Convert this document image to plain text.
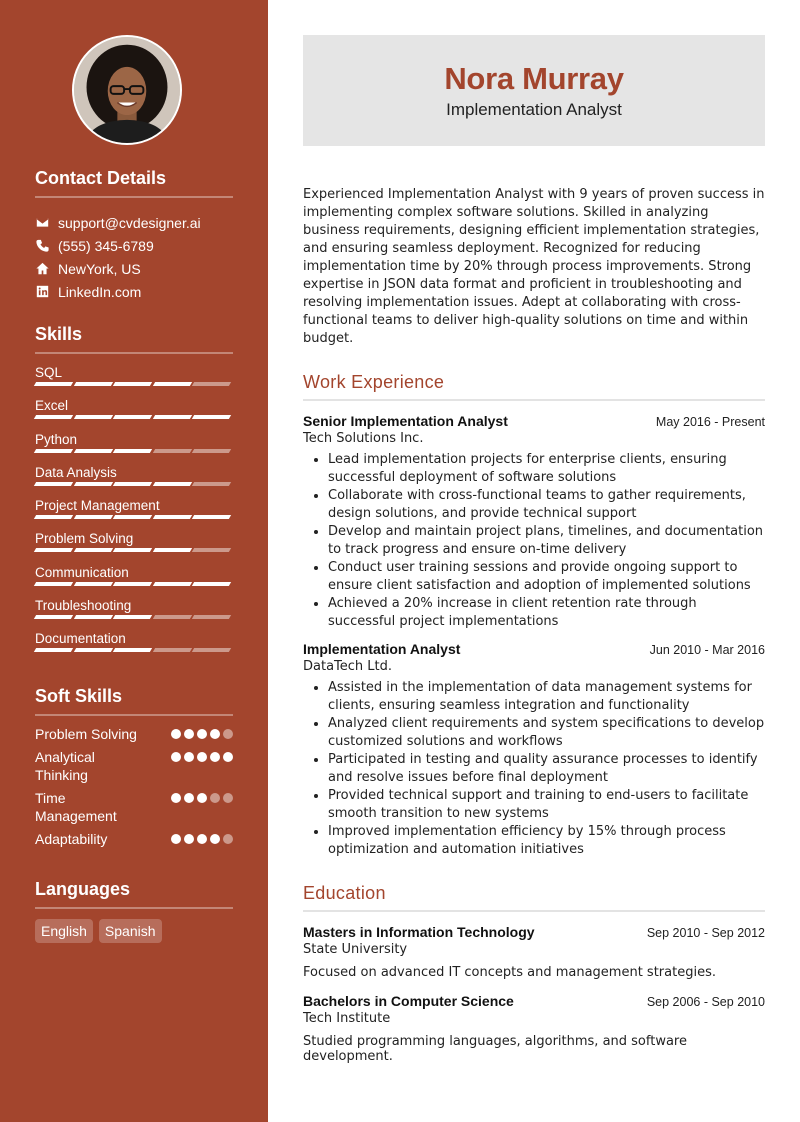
Contact Details
support@cvdesigner.ai
(555) 345-6789
NewYork, US
LinkedIn.com
Skills
SQL
Excel
Python
Data Analysis
Project Management
Problem Solving
Communication
Troubleshooting
Documentation
Soft Skills
Problem Solving
Analytical Thinking
Time Management
Adaptability
Languages
English	Spanish
Nora Murray
Implementation Analyst

Experienced Implementation Analyst with 9 years of proven success in implementing complex software solutions. Skilled in analyzing business requirements, designing efficient implementation strategies, and ensuring seamless deployment. Recognized for reducing implementation time by 20% through process improvements. Strong expertise in JSON data format and proficient in troubleshooting and resolving implementation issues. Adept at collaborating with cross-functional teams to deliver high-quality solutions on time and within budget.

Work Experience
Senior Implementation Analyst	May 2016 - Present
Tech Solutions Inc.
• Lead implementation projects for enterprise clients, ensuring successful deployment of software solutions
• Collaborate with cross-functional teams to gather requirements, design solutions, and provide technical support
• Develop and maintain project plans, timelines, and documentation to track progress and ensure on-time delivery
• Conduct user training sessions and provide ongoing support to ensure client satisfaction and adoption of implemented solutions
• Achieved a 20% increase in client retention rate through successful project implementations
Implementation Analyst	Jun 2010 - Mar 2016
DataTech Ltd.
• Assisted in the implementation of data management systems for clients, ensuring seamless integration and functionality
• Analyzed client requirements and system specifications to develop customized solutions and workflows
• Participated in testing and quality assurance processes to identify and resolve issues before final deployment
• Provided technical support and training to end-users to facilitate smooth transition to new systems
• Improved implementation efficiency by 15% through process optimization and automation initiatives
Education
Masters in Information Technology	Sep 2010 - Sep 2012
State University
Focused on advanced IT concepts and management strategies.
Bachelors in Computer Science	Sep 2006 - Sep 2010
Tech Institute
Studied programming languages, algorithms, and software development.
